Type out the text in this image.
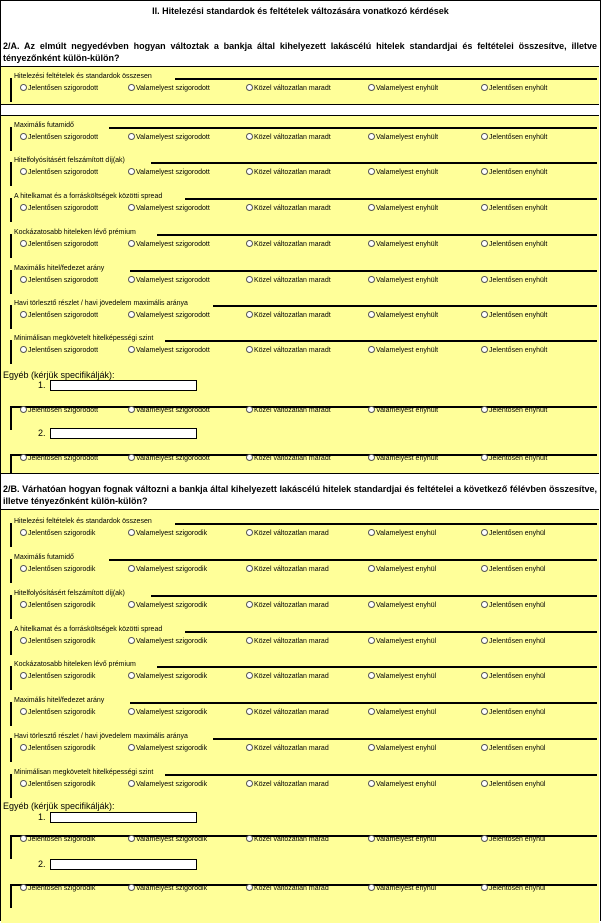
II. Hitelezési standardok és feltételek változására vonatkozó kérdések
2/A. Az elmúlt negyedévben hogyan változtak a bankja által kihelyezett lakáscélú hitelek standardjai és feltételei összesítve, illetve tényezőnként külön-külön?
Hitelezési feltételek és standardok összesen
Jelentősen szigorodott	Valamelyest szigorodott	Közel változatlan maradt	Valamelyest enyhült	Jelentősen enyhült
Maximális futamidő
Jelentősen szigorodott	Valamelyest szigorodott	Közel változatlan maradt	Valamelyest enyhült	Jelentősen enyhült
Hitelfolyósításért felszámított díj(ak)
Jelentősen szigorodott	Valamelyest szigorodott	Közel változatlan maradt	Valamelyest enyhült	Jelentősen enyhült
A hitelkamat és a forrásköltségek közötti spread
Jelentősen szigorodott	Valamelyest szigorodott	Közel változatlan maradt	Valamelyest enyhült	Jelentősen enyhült
Kockázatosabb hiteleken lévő prémium
Jelentősen szigorodott	Valamelyest szigorodott	Közel változatlan maradt	Valamelyest enyhült	Jelentősen enyhült
Maximális hitel/fedezet arány
Jelentősen szigorodott	Valamelyest szigorodott	Közel változatlan maradt	Valamelyest enyhült	Jelentősen enyhült
Havi törlesztő részlet / havi jövedelem maximális aránya
Jelentősen szigorodott	Valamelyest szigorodott	Közel változatlan maradt	Valamelyest enyhült	Jelentősen enyhült
Minimálisan megkövetelt hitelképességi szint
Jelentősen szigorodott	Valamelyest szigorodott	Közel változatlan maradt	Valamelyest enyhült	Jelentősen enyhült
Egyéb (kérjük specifikálják):
1.
Jelentősen szigorodott	Valamelyest szigorodott	Közel változatlan maradt	Valamelyest enyhült	Jelentősen enyhült
2.
Jelentősen szigorodott	Valamelyest szigorodott	Közel változatlan maradt	Valamelyest enyhült	Jelentősen enyhült
2/B. Várhatóan hogyan fognak változni a bankja által kihelyezett lakáscélú hitelek standardjai és feltételei a következő félévben összesítve, illetve tényezőnként külön-külön?
Hitelezési feltételek és standardok összesen
Jelentősen szigorodik	Valamelyest szigorodik	Közel változatlan marad	Valamelyest enyhül	Jelentősen enyhül
Maximális futamidő
Jelentősen szigorodik	Valamelyest szigorodik	Közel változatlan marad	Valamelyest enyhül	Jelentősen enyhül
Hitelfolyósításért felszámított díj(ak)
Jelentősen szigorodik	Valamelyest szigorodik	Közel változatlan marad	Valamelyest enyhül	Jelentősen enyhül
A hitelkamat és a forrásköltségek közötti spread
Jelentősen szigorodik	Valamelyest szigorodik	Közel változatlan marad	Valamelyest enyhül	Jelentősen enyhül
Kockázatosabb hiteleken lévő prémium
Jelentősen szigorodik	Valamelyest szigorodik	Közel változatlan marad	Valamelyest enyhül	Jelentősen enyhül
Maximális hitel/fedezet arány
Jelentősen szigorodik	Valamelyest szigorodik	Közel változatlan marad	Valamelyest enyhül	Jelentősen enyhül
Havi törlesztő részlet / havi jövedelem maximális aránya
Jelentősen szigorodik	Valamelyest szigorodik	Közel változatlan marad	Valamelyest enyhül	Jelentősen enyhül
Minimálisan megkövetelt hitelképességi szint
Jelentősen szigorodik	Valamelyest szigorodik	Közel változatlan marad	Valamelyest enyhül	Jelentősen enyhül
Egyéb (kérjük specifikálják):
1.
Jelentősen szigorodik	Valamelyest szigorodik	Közel változatlan marad	Valamelyest enyhül	Jelentősen enyhül
2.
Jelentősen szigorodik	Valamelyest szigorodik	Közel változatlan marad	Valamelyest enyhül	Jelentősen enyhül
